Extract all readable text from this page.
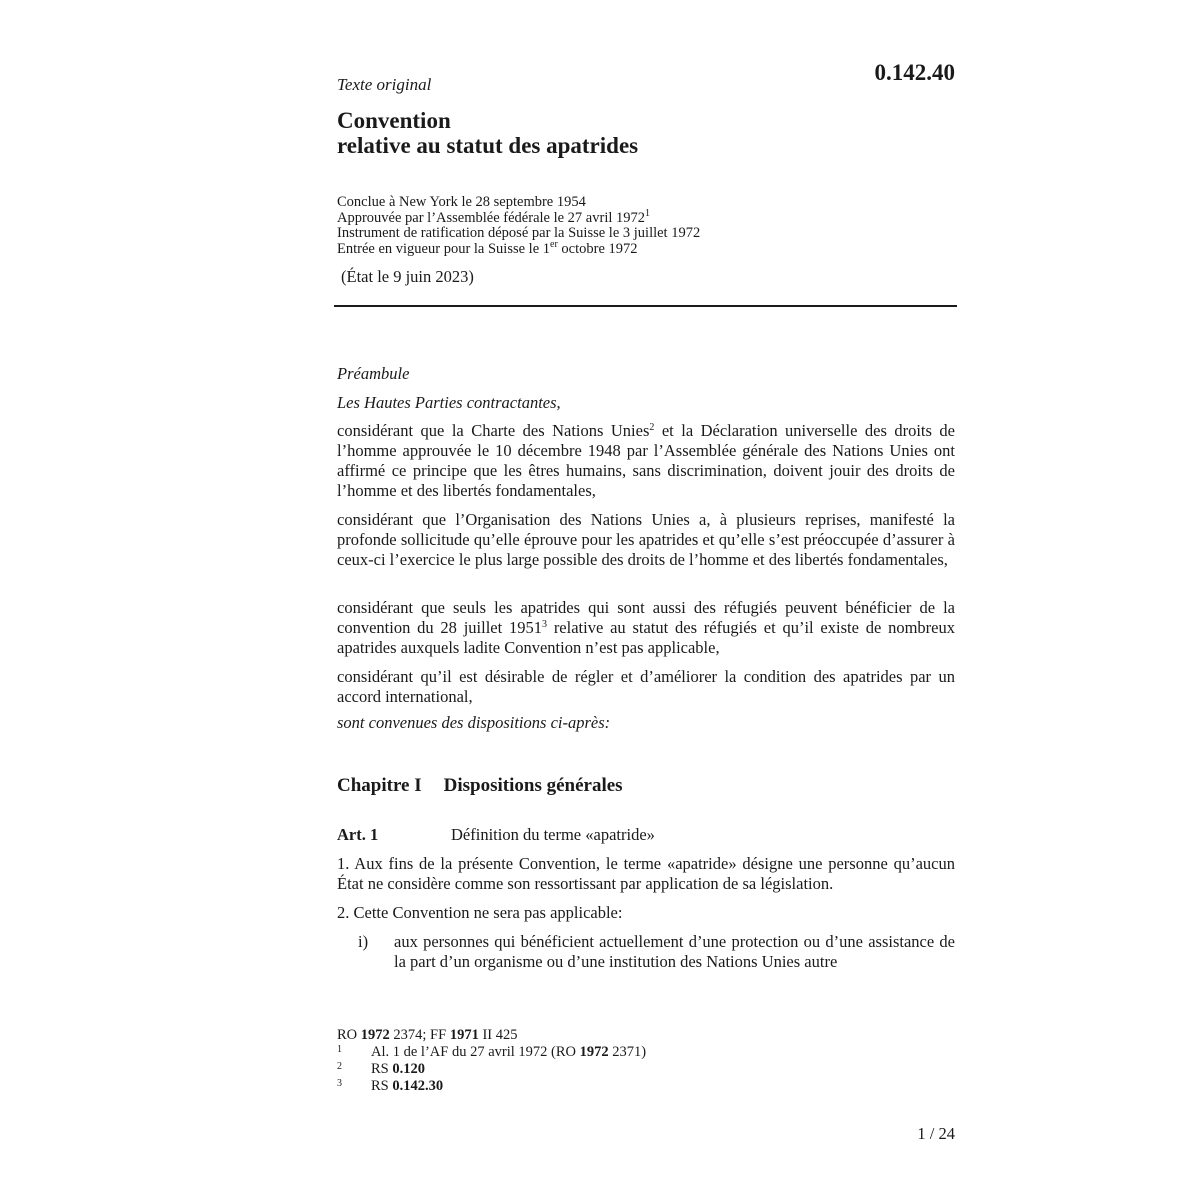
0.142.40
Texte original
Convention
relative au statut des apatrides
Conclue à New York le 28 septembre 1954
Approuvée par l’Assemblée fédérale le 27 avril 1972$^1$
Instrument de ratification déposé par la Suisse le 3 juillet 1972
Entrée en vigueur pour la Suisse le 1er octobre 1972
(État le 9 juin 2023)
Préambule
Les Hautes Parties contractantes,
considérant que la Charte des Nations Unies$^2$ et la Déclaration universelle des droits de l’homme approuvée le 10 décembre 1948 par l’Assemblée générale des Nations Unies ont affirmé ce principe que les êtres humains, sans discrimination, doivent jouir des droits de l’homme et des libertés fondamentales,
considérant que l’Organisation des Nations Unies a, à plusieurs reprises, manifesté la profonde sollicitude qu’elle éprouve pour les apatrides et qu’elle s’est préoccupée d’assurer à ceux-ci l’exercice le plus large possible des droits de l’homme et des libertés fondamentales,
considérant que seuls les apatrides qui sont aussi des réfugiés peuvent bénéficier de la convention du 28 juillet 1951$^3$ relative au statut des réfugiés et qu’il existe de nombreux apatrides auxquels ladite Convention n’est pas applicable,
considérant qu’il est désirable de régler et d’améliorer la condition des apatrides par un accord international,
sont convenues des dispositions ci-après:
Chapitre I Dispositions générales
Art. 1	Définition du terme «apatride»
1. Aux fins de la présente Convention, le terme «apatride» désigne une personne qu’aucun État ne considère comme son ressortissant par application de sa législation.
2. Cette Convention ne sera pas applicable:
i) aux personnes qui bénéficient actuellement d’une protection ou d’une assistance de la part d’un organisme ou d’une institution des Nations Unies autre
RO 1972 2374; FF 1971 II 425
1 Al. 1 de l’AF du 27 avril 1972 (RO 1972 2371)
2 RS 0.120
3 RS 0.142.30
1 / 24
